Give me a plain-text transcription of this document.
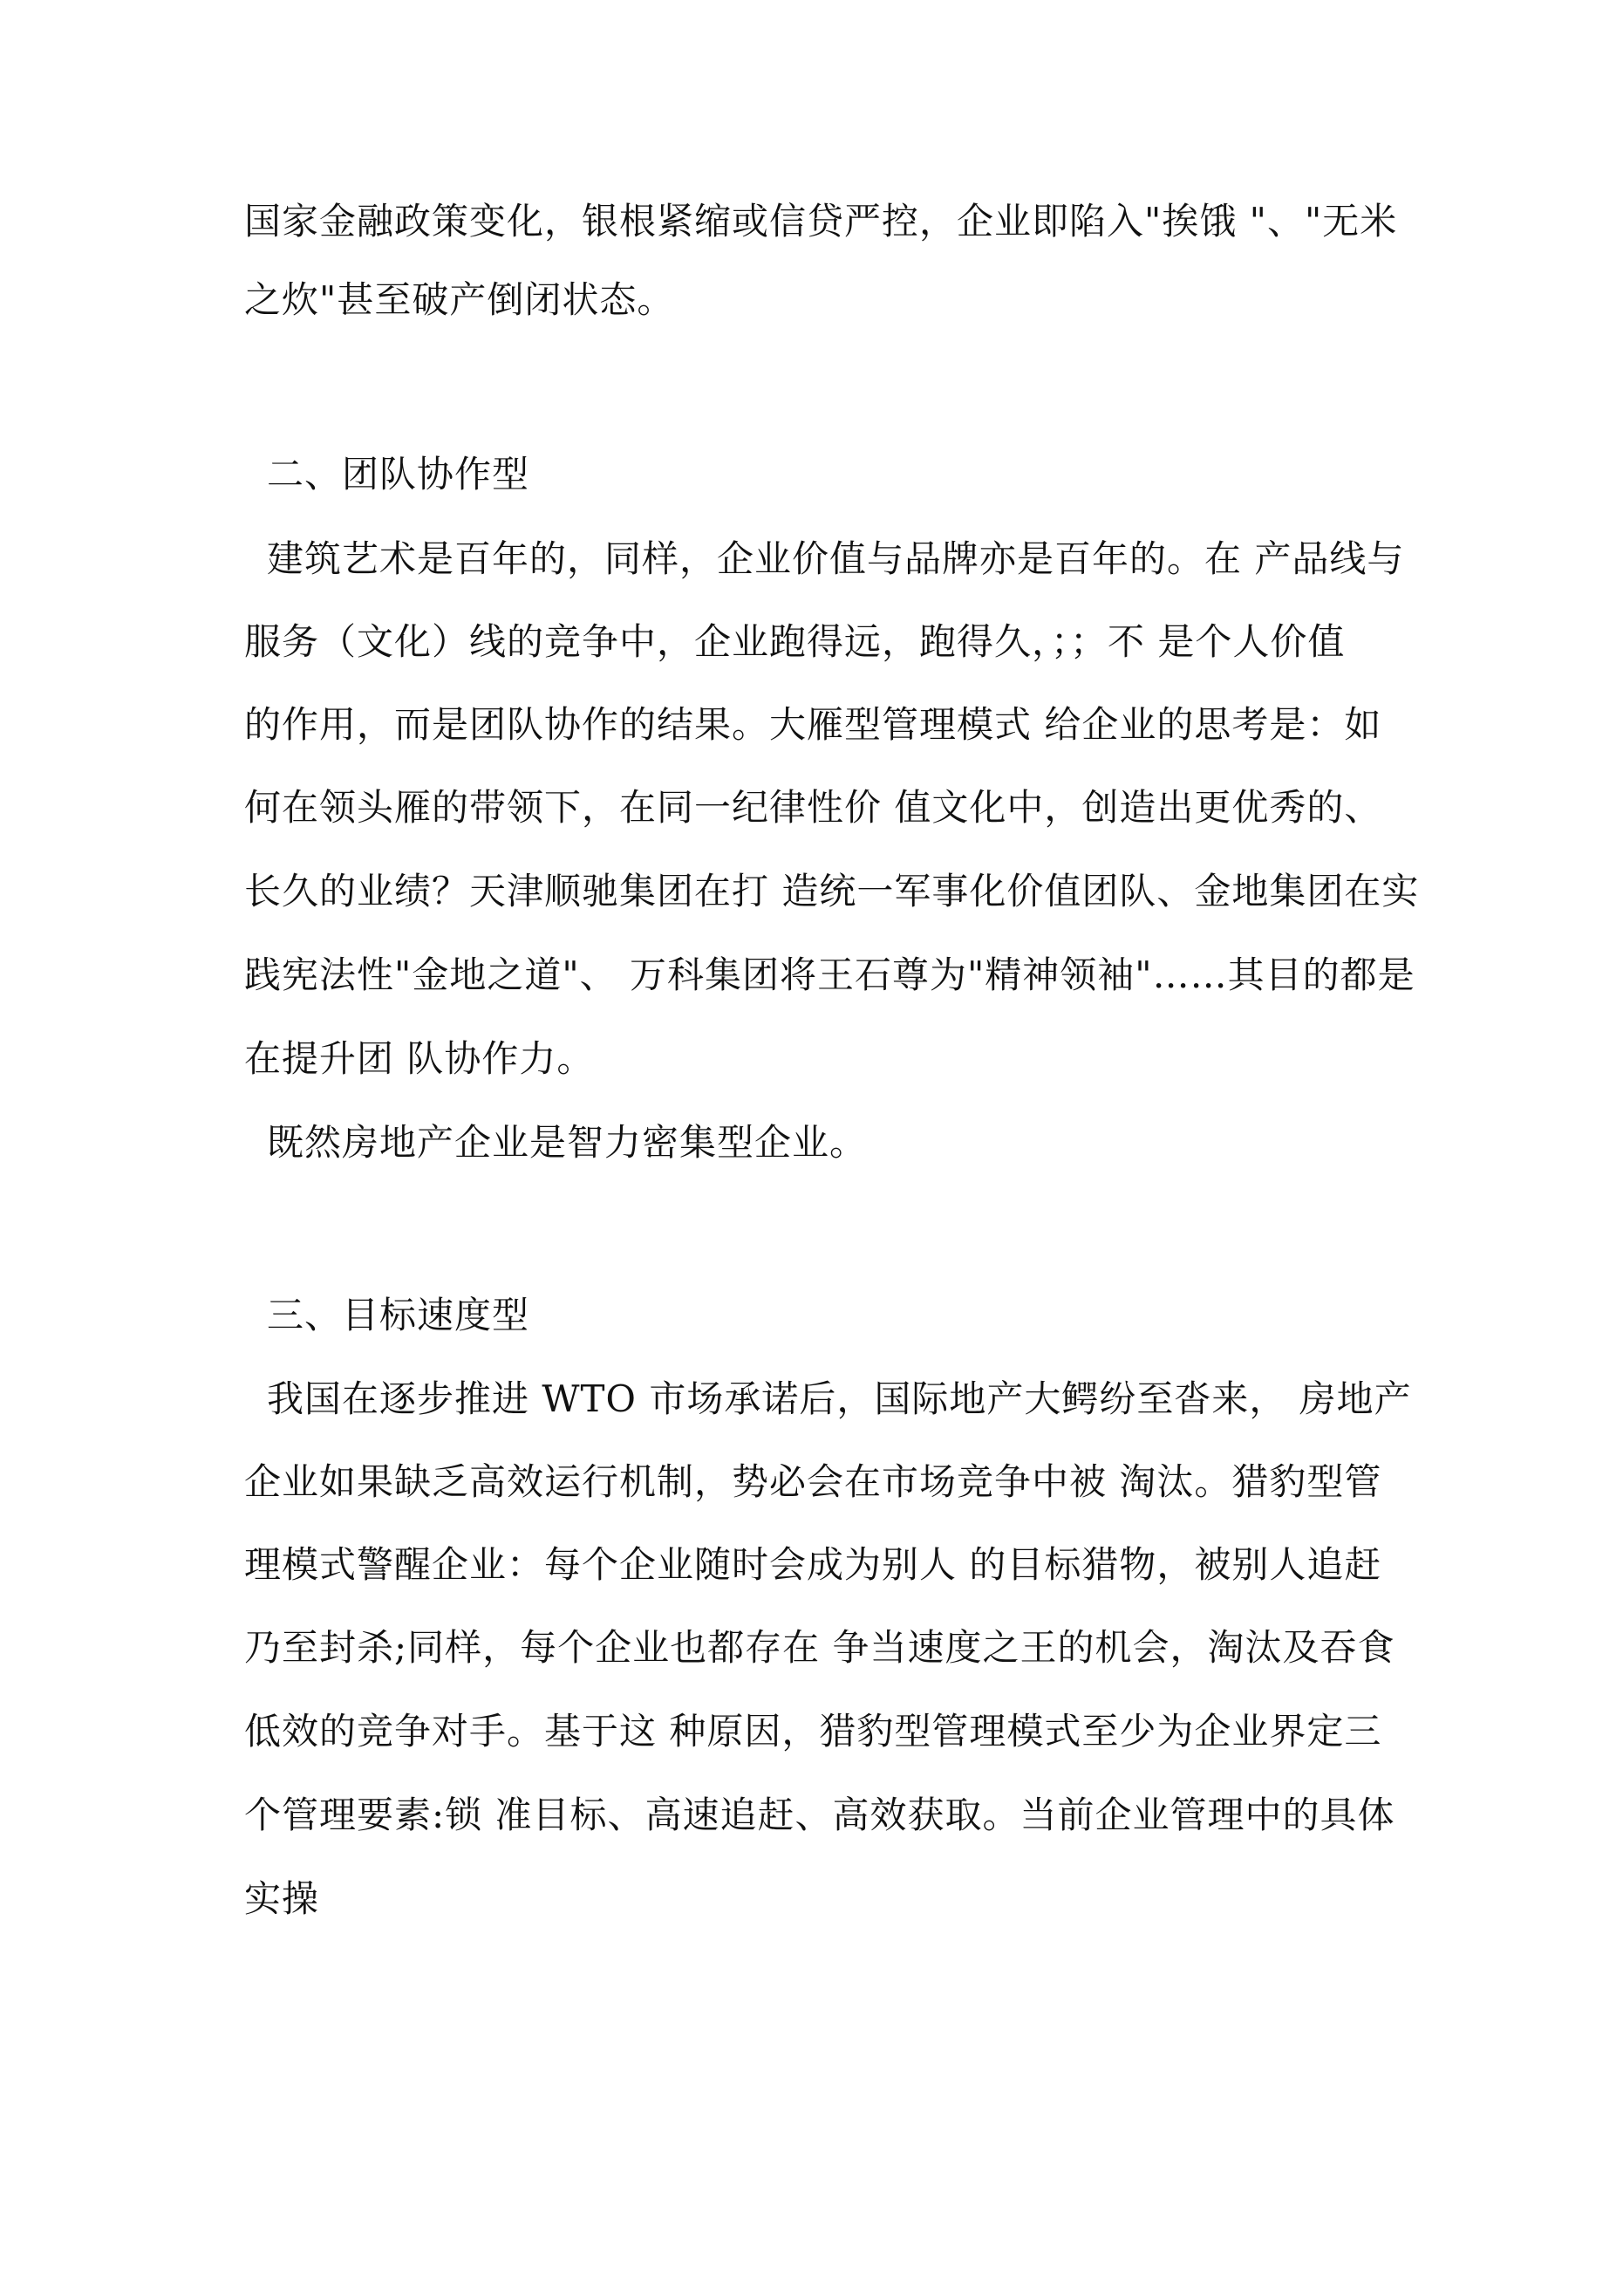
国家金融政策变化，银根紧缩或信贷严控，企业即陷入"挨饿 "、"无米
之炊"甚至破产倒闭状态。
二、团队协作型
建筑艺术是百年的，同样，企业价值与品牌亦是百年的。在 产品线与
服务（文化）线的竞争中，企业跑得远，跑得久，；；不 是个人价值
的作用，而是团队协作的结果。大雁型管理模式 给企业的思考是：如
何在领头雁的带领下，在同一纪律性价 值文化中，创造出更优秀的、
长久的业绩？天津顺驰集团在打 造统一军事化价值团队、金地集团在实
践宪法性"金地之道"、 万科集团将王石尊为"精神领袖"……其目的都是
在提升团 队协作力。
既然房地产企业是智力密集型企业。
三、目标速度型
我国在逐步推进 WTO 市场承诺后，国际地产大鳄纷至沓来， 房地产
企业如果缺乏高效运行机制，势必会在市场竞争中被 淘汰。猎豹型管
理模式警醒企业：每个企业随时会成为别人 的目标猎物，被别人追赶
乃至封杀;同样，每个企业也都存在 争当速度之王的机会，淘汰及吞食
低效的竞争对手。基于这 种原因，猎豹型管理模式至少为企业界定三
个管理要素:锁 准目标、高速追赶、高效获取。当前企业管理中的具体
实操
